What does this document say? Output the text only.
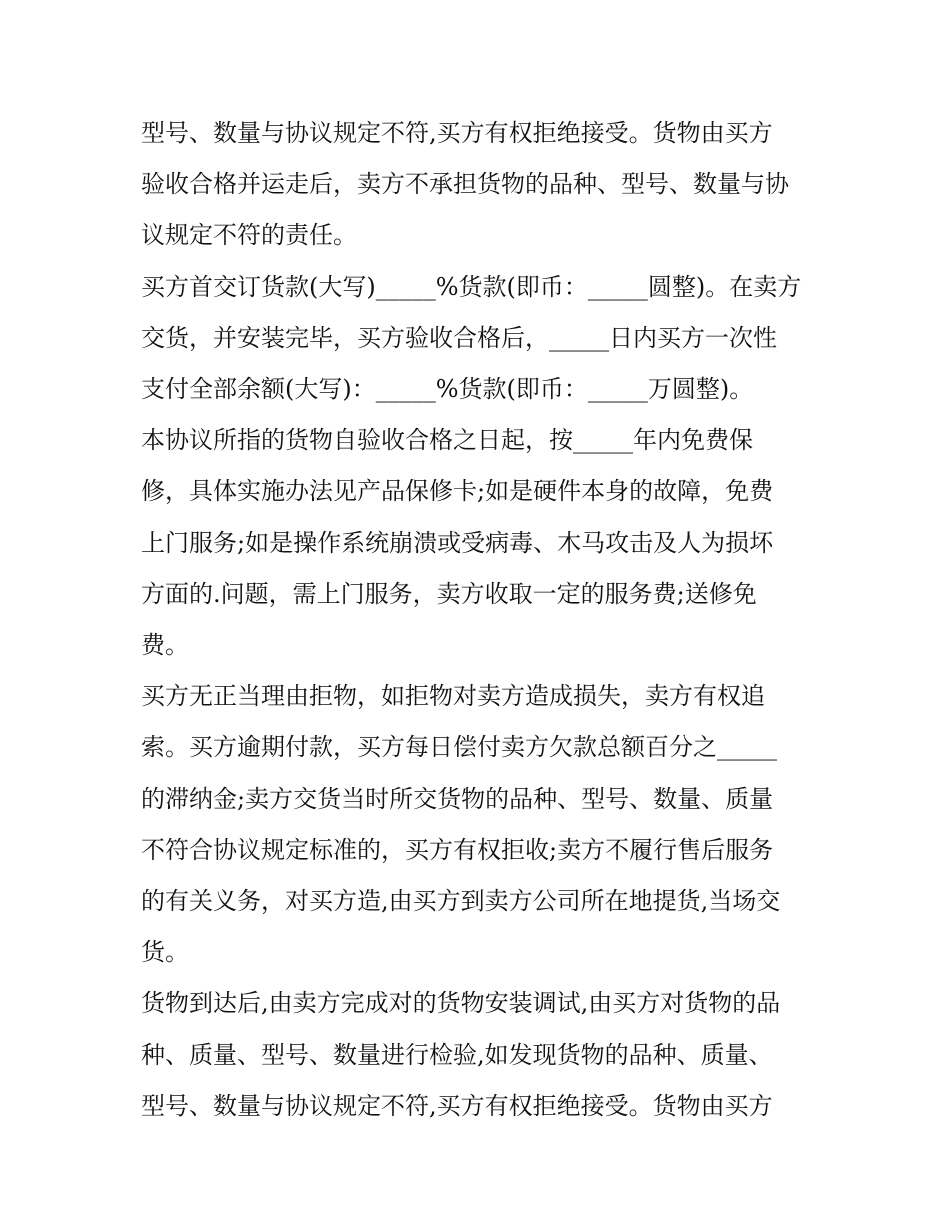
型号、数量与协议规定不符,买方有权拒绝接受。货物由买方

验收合格并运走后，卖方不承担货物的品种、型号、数量与协

议规定不符的责任。

买方首交订货款(大写)_____%货款(即币：_____圆整)。在卖方

交货，并安装完毕，买方验收合格后，_____日内买方一次性

支付全部余额(大写)：_____%货款(即币：_____万圆整)。

本协议所指的货物自验收合格之日起，按_____年内免费保

修，具体实施办法见产品保修卡;如是硬件本身的故障，免费

上门服务;如是操作系统崩溃或受病毒、木马攻击及人为损坏

方面的.问题，需上门服务，卖方收取一定的服务费;送修免

费。

买方无正当理由拒物，如拒物对卖方造成损失，卖方有权追

索。买方逾期付款，买方每日偿付卖方欠款总额百分之_____

的滞纳金;卖方交货当时所交货物的品种、型号、数量、质量

不符合协议规定标准的，买方有权拒收;卖方不履行售后服务

的有关义务，对买方造,由买方到卖方公司所在地提货,当场交

货。

货物到达后,由卖方完成对的货物安装调试,由买方对货物的品

种、质量、型号、数量进行检验,如发现货物的品种、质量、

型号、数量与协议规定不符,买方有权拒绝接受。货物由买方
